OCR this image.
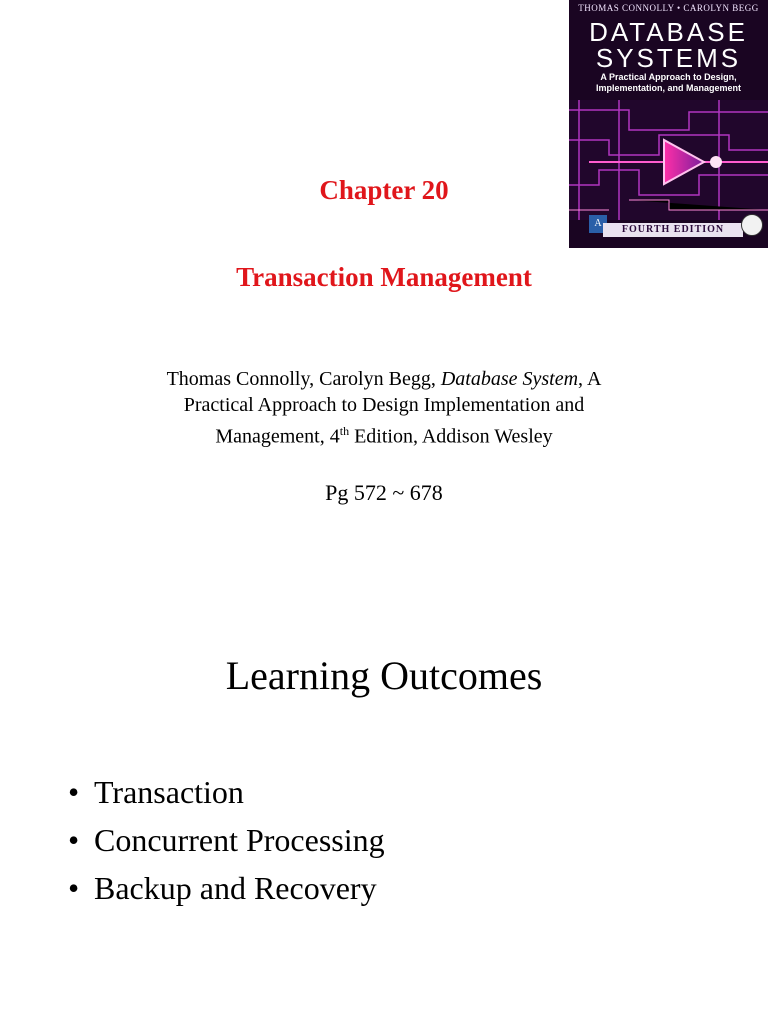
THOMAS CONNOLLY • CAROLYN BEGG
DATABASE
SYSTEMS
A Practical Approach to Design,
Implementation, and Management
A
FOURTH EDITION
Chapter 20
Transaction Management
Thomas Connolly, Carolyn Begg, Database System, A Practical Approach to Design Implementation and Management, 4th Edition, Addison Wesley
Pg 572 ~ 678
Learning Outcomes
• Transaction
• Concurrent Processing
• Backup and Recovery
